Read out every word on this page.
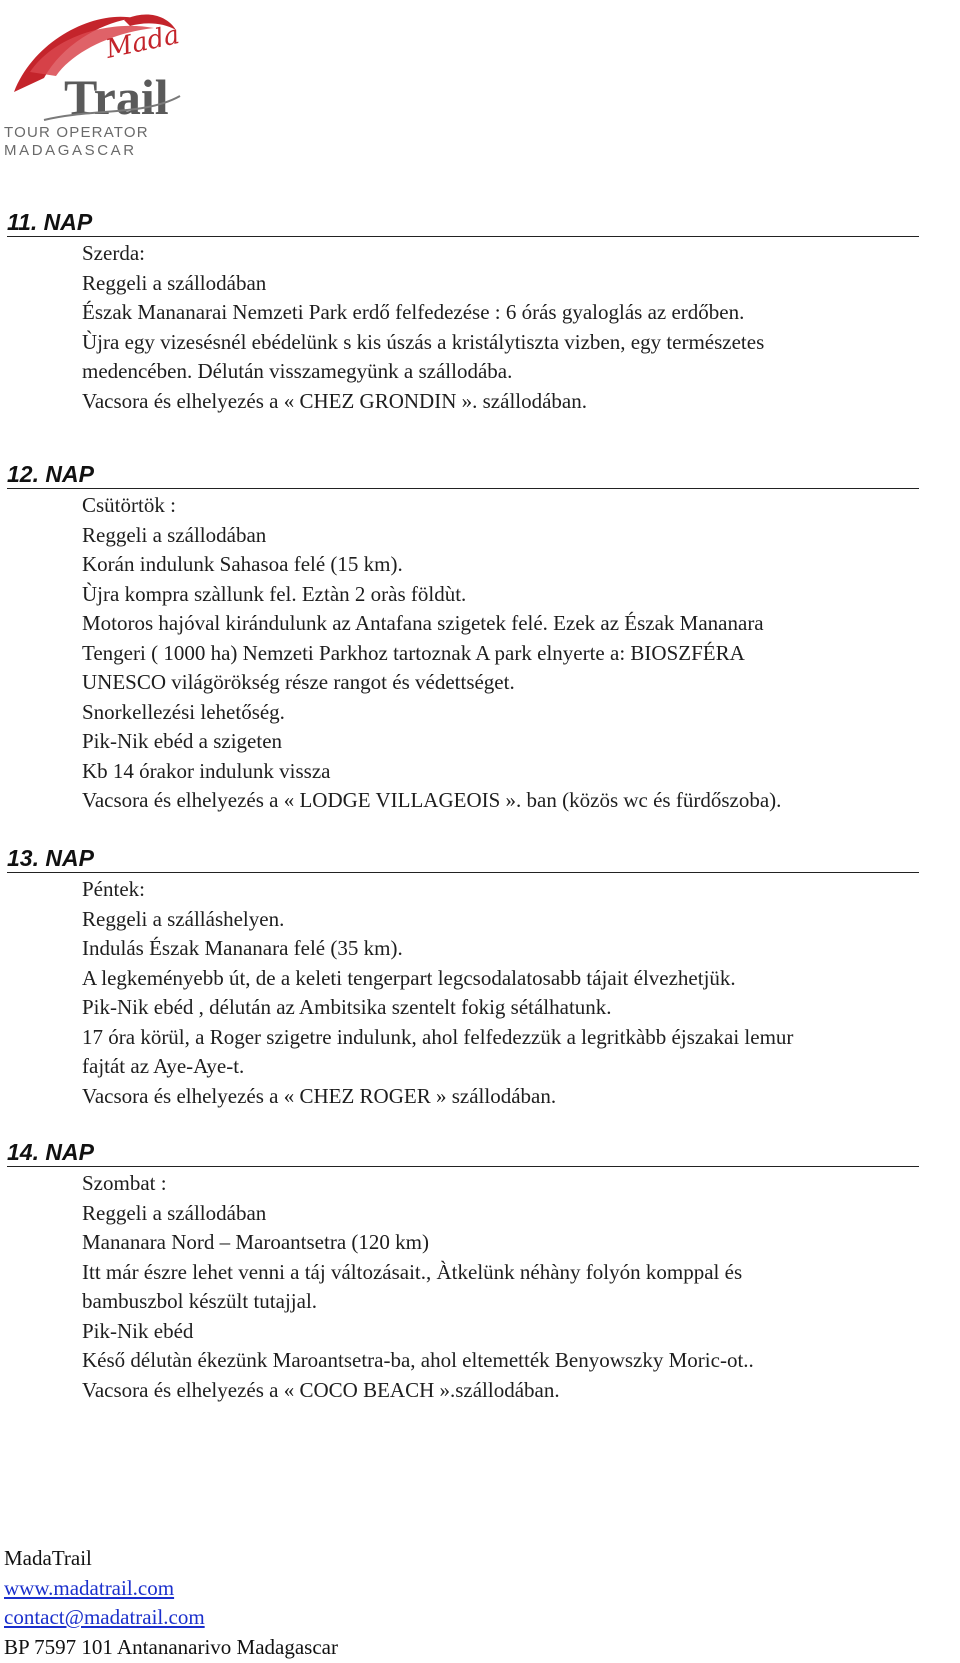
Mada
Trail
TOUR OPERATOR
MADAGASCAR
11. NAP
Szerda:
Reggeli a szállodában
Észak Mananarai Nemzeti Park erdő felfedezése : 6 órás gyaloglás az erdőben.
Ùjra egy vizesésnél ebédelünk s kis úszás a kristálytiszta vizben, egy természetes
medencében. Délután visszamegyünk a szállodába.
Vacsora és elhelyezés a « CHEZ GRONDIN ». szállodában.
12. NAP
Csütörtök :
Reggeli a szállodában
Korán indulunk Sahasoa felé (15 km).
Ùjra kompra szàllunk fel. Eztàn 2 oràs földùt.
Motoros hajóval kirándulunk az Antafana szigetek felé. Ezek az Észak Mananara
Tengeri ( 1000 ha) Nemzeti Parkhoz tartoznak A park elnyerte a: BIOSZFÉRA
UNESCO világörökség része rangot és védettséget.
Snorkellezési lehetőség.
Pik-Nik ebéd a szigeten
Kb 14 órakor indulunk vissza
Vacsora és elhelyezés a « LODGE VILLAGEOIS ». ban (közös wc és fürdőszoba).
13. NAP
Péntek:
Reggeli a szálláshelyen.
Indulás Észak Mananara felé (35 km).
A legkeményebb út, de a keleti tengerpart legcsodalatosabb tájait élvezhetjük.
Pik-Nik ebéd , délután az Ambitsika szentelt fokig sétálhatunk.
17 óra körül, a Roger szigetre indulunk, ahol felfedezzük a legritkàbb éjszakai lemur
fajtát az Aye-Aye-t.
Vacsora és elhelyezés a « CHEZ ROGER » szállodában.
14. NAP
Szombat :
Reggeli a szállodában
Mananara Nord – Maroantsetra (120 km)
Itt már észre lehet venni a táj változásait., Àtkelünk néhàny folyón komppal és
bambuszbol készült tutajjal.
Pik-Nik ebéd
Késő délutàn ékezünk Maroantsetra-ba, ahol eltemették Benyowszky Moric-ot..
Vacsora és elhelyezés a « COCO BEACH ».szállodában.
MadaTrail
www.madatrail.com
contact@madatrail.com
BP 7597 101 Antananarivo Madagascar
